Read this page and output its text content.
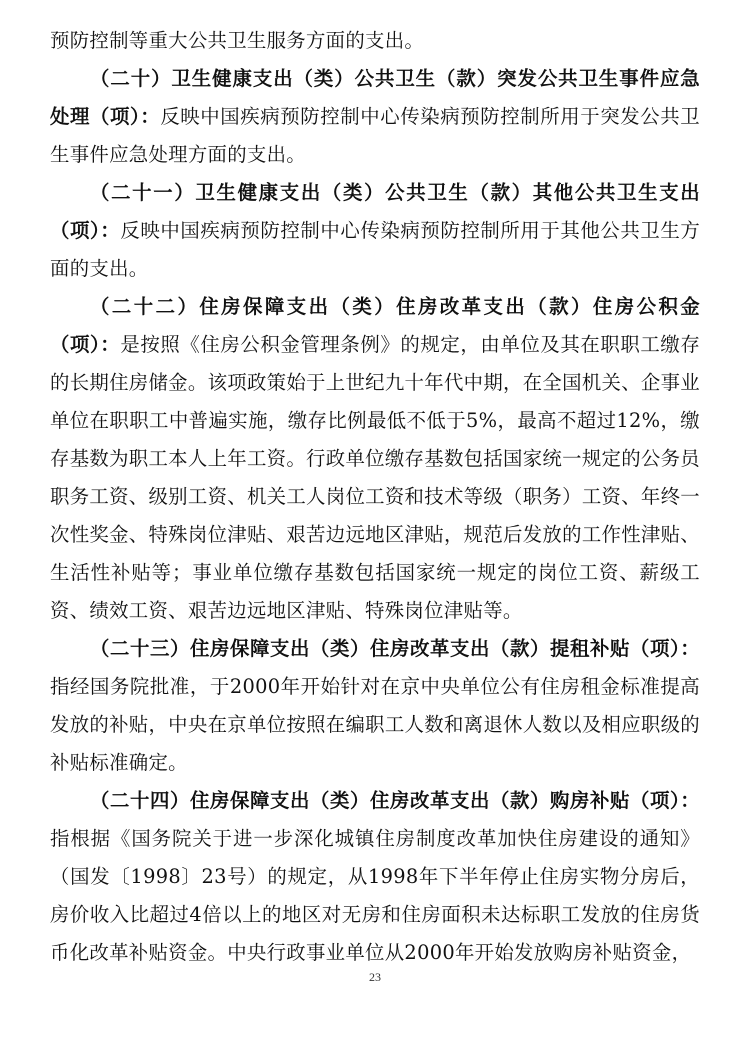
预防控制等重大公共卫生服务方面的支出。

（二十）卫生健康支出（类）公共卫生（款）突发公共卫生事件应急处理（项）：反映中国疾病预防控制中心传染病预防控制所用于突发公共卫生事件应急处理方面的支出。

（二十一）卫生健康支出（类）公共卫生（款）其他公共卫生支出（项）：反映中国疾病预防控制中心传染病预防控制所用于其他公共卫生方面的支出。

（二十二）住房保障支出（类）住房改革支出（款）住房公积金（项）：是按照《住房公积金管理条例》的规定，由单位及其在职职工缴存的长期住房储金。该项政策始于上世纪九十年代中期，在全国机关、企事业单位在职职工中普遍实施，缴存比例最低不低于5%，最高不超过12%，缴存基数为职工本人上年工资。行政单位缴存基数包括国家统一规定的公务员职务工资、级别工资、机关工人岗位工资和技术等级（职务）工资、年终一次性奖金、特殊岗位津贴、艰苦边远地区津贴，规范后发放的工作性津贴、生活性补贴等；事业单位缴存基数包括国家统一规定的岗位工资、薪级工资、绩效工资、艰苦边远地区津贴、特殊岗位津贴等。

（二十三）住房保障支出（类）住房改革支出（款）提租补贴（项）：指经国务院批准，于2000年开始针对在京中央单位公有住房租金标准提高发放的补贴，中央在京单位按照在编职工人数和离退休人数以及相应职级的补贴标准确定。

（二十四）住房保障支出（类）住房改革支出（款）购房补贴（项）：指根据《国务院关于进一步深化城镇住房制度改革加快住房建设的通知》（国发〔1998〕23号）的规定，从1998年下半年停止住房实物分房后，房价收入比超过4倍以上的地区对无房和住房面积未达标职工发放的住房货币化改革补贴资金。中央行政事业单位从2000年开始发放购房补贴资金，

23
